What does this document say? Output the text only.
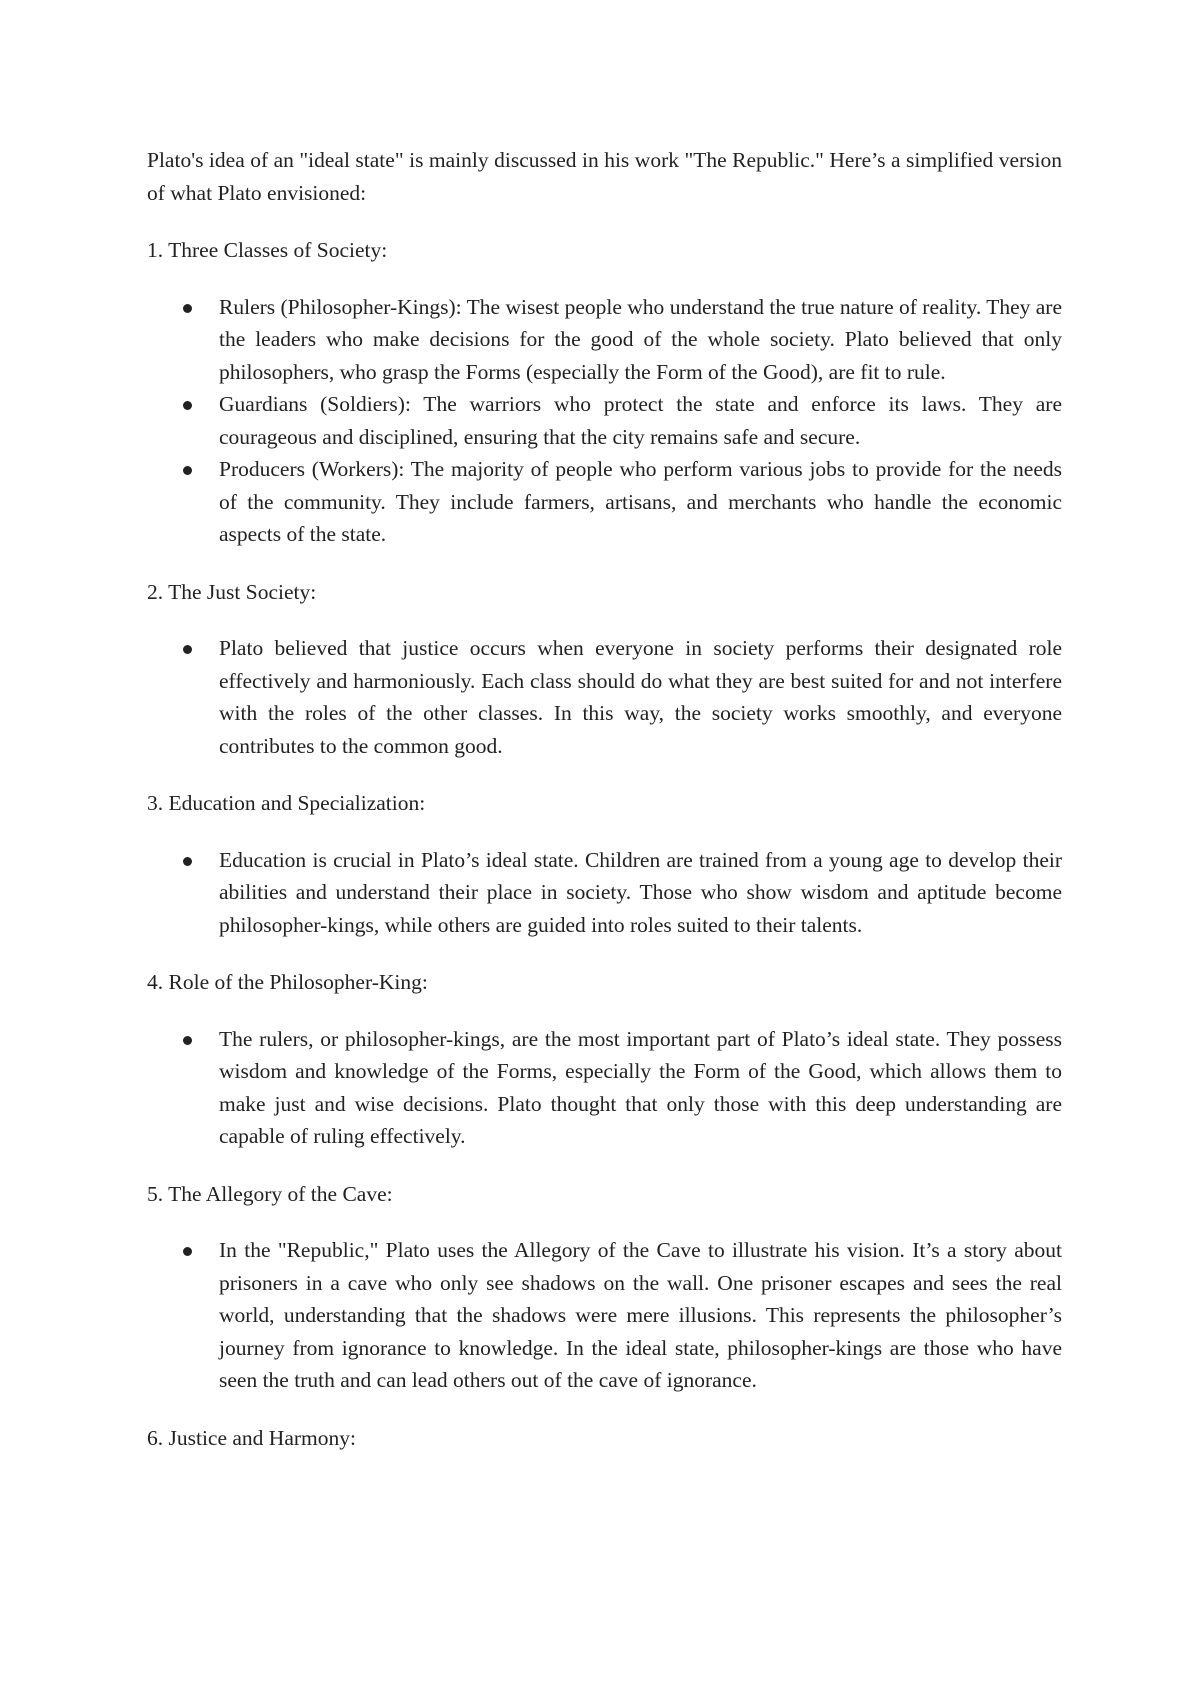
Plato's idea of an "ideal state" is mainly discussed in his work "The Republic." Here’s a simplified version of what Plato envisioned:

1. Three Classes of Society:

Rulers (Philosopher-Kings): The wisest people who understand the true nature of reality. They are the leaders who make decisions for the good of the whole society. Plato believed that only philosophers, who grasp the Forms (especially the Form of the Good), are fit to rule.
Guardians (Soldiers): The warriors who protect the state and enforce its laws. They are courageous and disciplined, ensuring that the city remains safe and secure.
Producers (Workers): The majority of people who perform various jobs to provide for the needs of the community. They include farmers, artisans, and merchants who handle the economic aspects of the state.

2. The Just Society:

Plato believed that justice occurs when everyone in society performs their designated role effectively and harmoniously. Each class should do what they are best suited for and not interfere with the roles of the other classes. In this way, the society works smoothly, and everyone contributes to the common good.

3. Education and Specialization:

Education is crucial in Plato’s ideal state. Children are trained from a young age to develop their abilities and understand their place in society. Those who show wisdom and aptitude become philosopher-kings, while others are guided into roles suited to their talents.

4. Role of the Philosopher-King:

The rulers, or philosopher-kings, are the most important part of Plato’s ideal state. They possess wisdom and knowledge of the Forms, especially the Form of the Good, which allows them to make just and wise decisions. Plato thought that only those with this deep understanding are capable of ruling effectively.

5. The Allegory of the Cave:

In the "Republic," Plato uses the Allegory of the Cave to illustrate his vision. It’s a story about prisoners in a cave who only see shadows on the wall. One prisoner escapes and sees the real world, understanding that the shadows were mere illusions. This represents the philosopher’s journey from ignorance to knowledge. In the ideal state, philosopher-kings are those who have seen the truth and can lead others out of the cave of ignorance.

6. Justice and Harmony:
